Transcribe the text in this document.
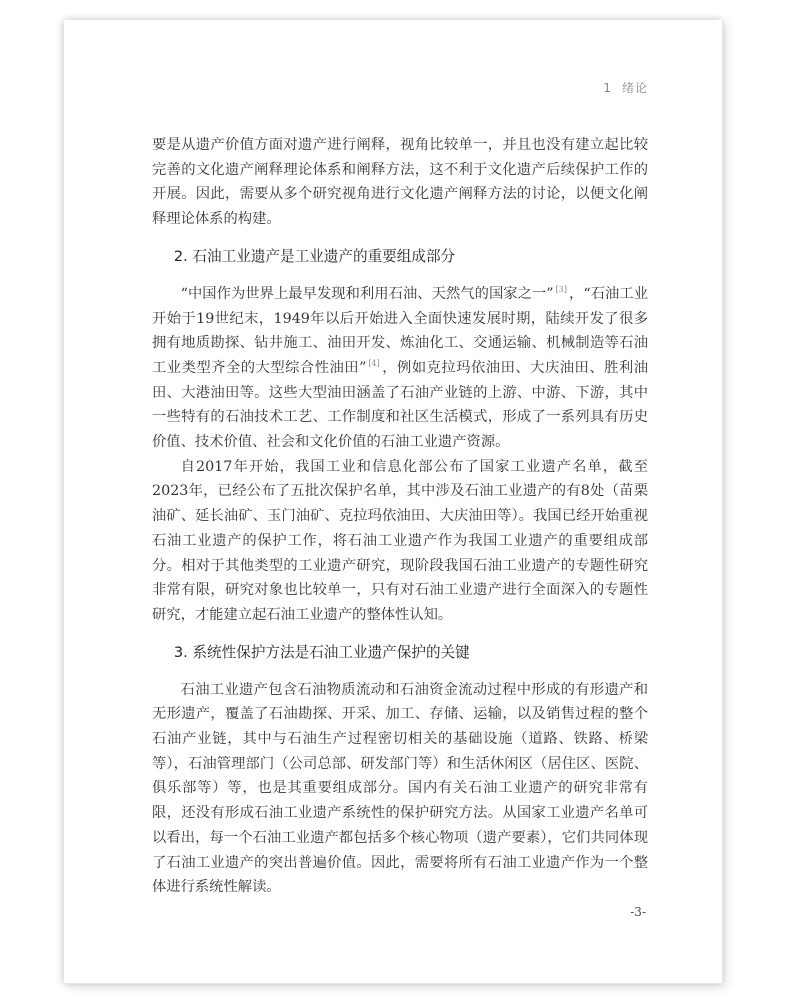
1 绪论

要是从遗产价值方面对遗产进行阐释，视角比较单一，并且也没有建立起比较完善的文化遗产阐释理论体系和阐释方法，这不利于文化遗产后续保护工作的开展。因此，需要从多个研究视角进行文化遗产阐释方法的讨论，以便文化阐释理论体系的构建。

2. 石油工业遗产是工业遗产的重要组成部分

“中国作为世界上最早发现和利用石油、天然气的国家之一” [3] ，“石油工业开始于19世纪末，1949年以后开始进入全面快速发展时期，陆续开发了很多拥有地质勘探、钻井施工、油田开发、炼油化工、交通运输、机械制造等石油工业类型齐全的大型综合性油田” [4] ，例如克拉玛依油田、大庆油田、胜利油田、大港油田等。这些大型油田涵盖了石油产业链的上游、中游、下游，其中一些特有的石油技术工艺、工作制度和社区生活模式，形成了一系列具有历史价值、技术价值、社会和文化价值的石油工业遗产资源。

自2017年开始，我国工业和信息化部公布了国家工业遗产名单，截至2023年，已经公布了五批次保护名单，其中涉及石油工业遗产的有8处（苗栗油矿、延长油矿、玉门油矿、克拉玛依油田、大庆油田等）。我国已经开始重视石油工业遗产的保护工作，将石油工业遗产作为我国工业遗产的重要组成部分。相对于其他类型的工业遗产研究，现阶段我国石油工业遗产的专题性研究非常有限，研究对象也比较单一，只有对石油工业遗产进行全面深入的专题性研究，才能建立起石油工业遗产的整体性认知。

3. 系统性保护方法是石油工业遗产保护的关键

石油工业遗产包含石油物质流动和石油资金流动过程中形成的有形遗产和无形遗产，覆盖了石油勘探、开采、加工、存储、运输，以及销售过程的整个石油产业链，其中与石油生产过程密切相关的基础设施（道路、铁路、桥梁等），石油管理部门（公司总部、研发部门等）和生活休闲区（居住区、医院、俱乐部等）等，也是其重要组成部分。国内有关石油工业遗产的研究非常有限，还没有形成石油工业遗产系统性的保护研究方法。从国家工业遗产名单可以看出，每一个石油工业遗产都包括多个核心物项（遗产要素），它们共同体现了石油工业遗产的突出普遍价值。因此，需要将所有石油工业遗产作为一个整体进行系统性解读。

-3-
